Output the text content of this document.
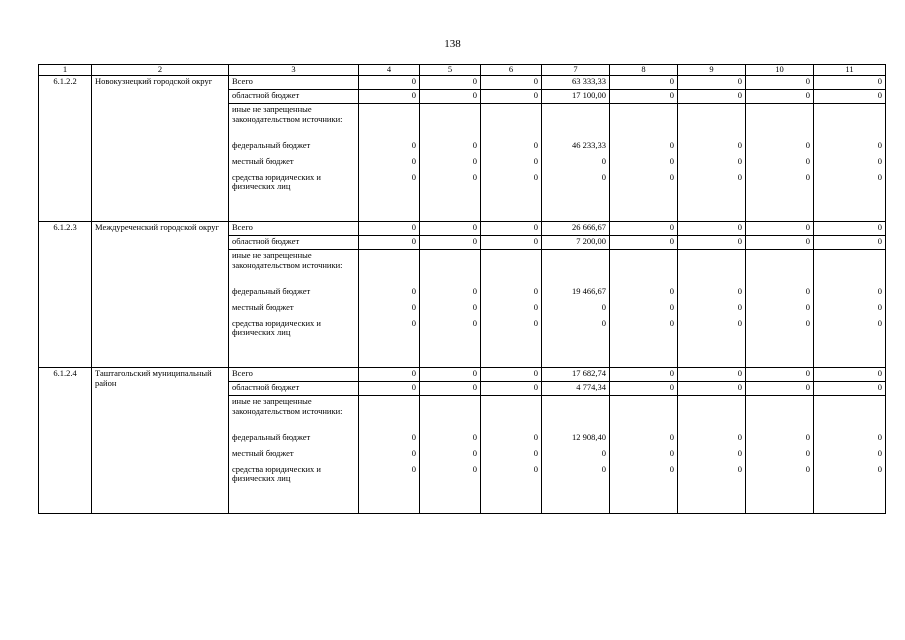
138
1	2	3	4	5	6	7	8	9	10	11
6.1.2.2	Новокузнецкий городской округ	Всего	0	0	0	63 333,33	0	0	0	0
		областной бюджет	0	0	0	17 100,00	0	0	0	0
		иные не запрещенные законодательством источники:								
		федеральный бюджет	0	0	0	46 233,33	0	0	0	0
		местный бюджет	0	0	0	0	0	0	0	0
		средства юридических и физических лиц	0	0	0	0	0	0	0	0

6.1.2.3	Междуреченский городской округ	Всего	0	0	0	26 666,67	0	0	0	0
		областной бюджет	0	0	0	7 200,00	0	0	0	0
		иные не запрещенные законодательством источники:								
		федеральный бюджет	0	0	0	19 466,67	0	0	0	0
		местный бюджет	0	0	0	0	0	0	0	0
		средства юридических и физических лиц	0	0	0	0	0	0	0	0

6.1.2.4	Таштагольский муниципальный район	Всего	0	0	0	17 682,74	0	0	0	0
		областной бюджет	0	0	0	4 774,34	0	0	0	0
		иные не запрещенные законодательством источники:								
		федеральный бюджет	0	0	0	12 908,40	0	0	0	0
		местный бюджет	0	0	0	0	0	0	0	0
		средства юридических и физических лиц	0	0	0	0	0	0	0	0
